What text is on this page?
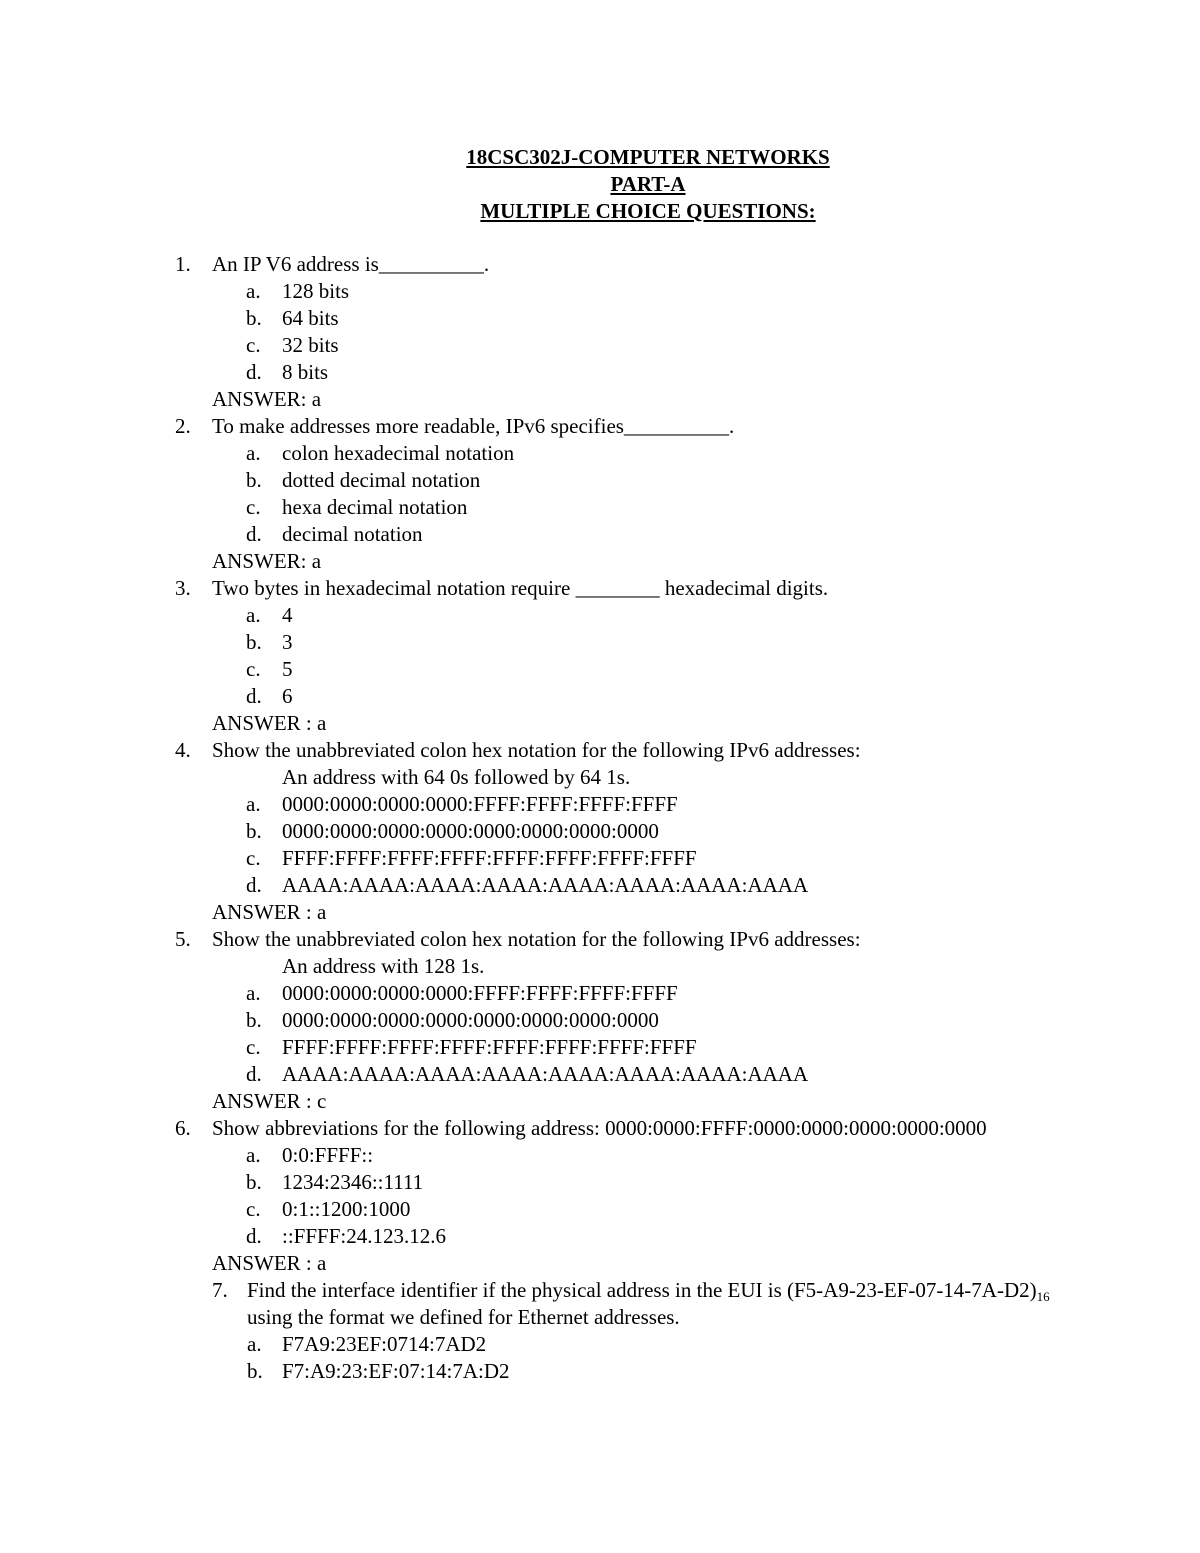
18CSC302J-COMPUTER NETWORKS
PART-A
MULTIPLE CHOICE QUESTIONS:
1. An IP V6 address is__________.
a. 128 bits
b. 64 bits
c. 32 bits
d. 8 bits
ANSWER: a
2. To make addresses more readable, IPv6 specifies__________.
a. colon hexadecimal notation
b. dotted decimal notation
c. hexa decimal notation
d. decimal notation
ANSWER: a
3. Two bytes in hexadecimal notation require ________ hexadecimal digits.
a. 4
b. 3
c. 5
d. 6
ANSWER : a
4. Show the unabbreviated colon hex notation for the following IPv6 addresses:
An address with 64 0s followed by 64 1s.
a. 0000:0000:0000:0000:FFFF:FFFF:FFFF:FFFF
b. 0000:0000:0000:0000:0000:0000:0000:0000
c. FFFF:FFFF:FFFF:FFFF:FFFF:FFFF:FFFF:FFFF
d. AAAA:AAAA:AAAA:AAAA:AAAA:AAAA:AAAA:AAAA
ANSWER : a
5. Show the unabbreviated colon hex notation for the following IPv6 addresses:
An address with 128 1s.
a. 0000:0000:0000:0000:FFFF:FFFF:FFFF:FFFF
b. 0000:0000:0000:0000:0000:0000:0000:0000
c. FFFF:FFFF:FFFF:FFFF:FFFF:FFFF:FFFF:FFFF
d. AAAA:AAAA:AAAA:AAAA:AAAA:AAAA:AAAA:AAAA
ANSWER : c
6. Show abbreviations for the following address: 0000:0000:FFFF:0000:0000:0000:0000:0000
a. 0:0:FFFF::
b. 1234:2346::1111
c. 0:1::1200:1000
d. ::FFFF:24.123.12.6
ANSWER : a
7. Find the interface identifier if the physical address in the EUI is $(F5-A9-23-EF-07-14-7A-D2)_{16}$
using the format we defined for Ethernet addresses.
a. F7A9:23EF:0714:7AD2
b. F7:A9:23:EF:07:14:7A:D2
